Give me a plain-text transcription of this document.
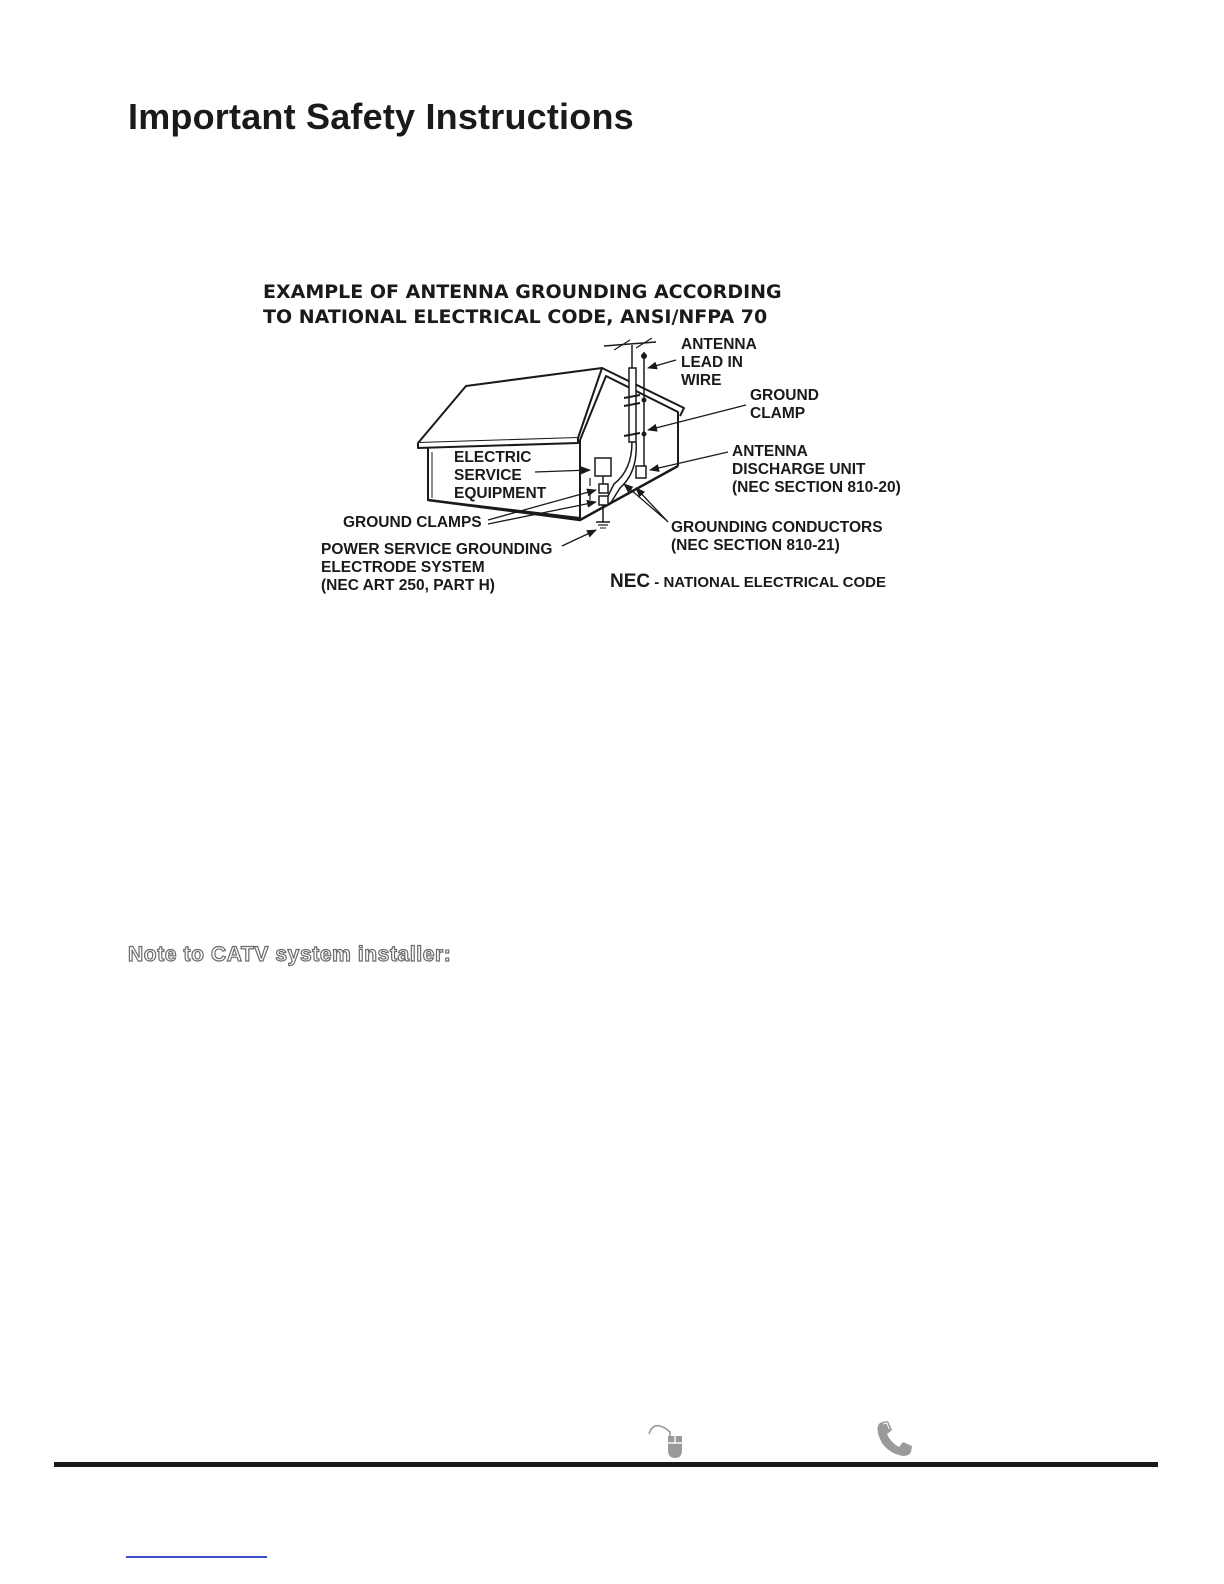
Important Safety Instructions
EXAMPLE OF ANTENNA GROUNDING ACCORDING
TO NATIONAL ELECTRICAL CODE, ANSI/NFPA 70
ANTENNA
LEAD IN
WIRE
GROUND
CLAMP
ELECTRIC
SERVICE
EQUIPMENT
ANTENNA
DISCHARGE UNIT
(NEC SECTION 810-20)
GROUND CLAMPS	GROUNDING CONDUCTORS
(NEC SECTION 810-21)
POWER SERVICE GROUNDING
ELECTRODE SYSTEM
(NEC ART 250, PART H)	NEC - NATIONAL ELECTRICAL CODE
Note to CATV system installer:
